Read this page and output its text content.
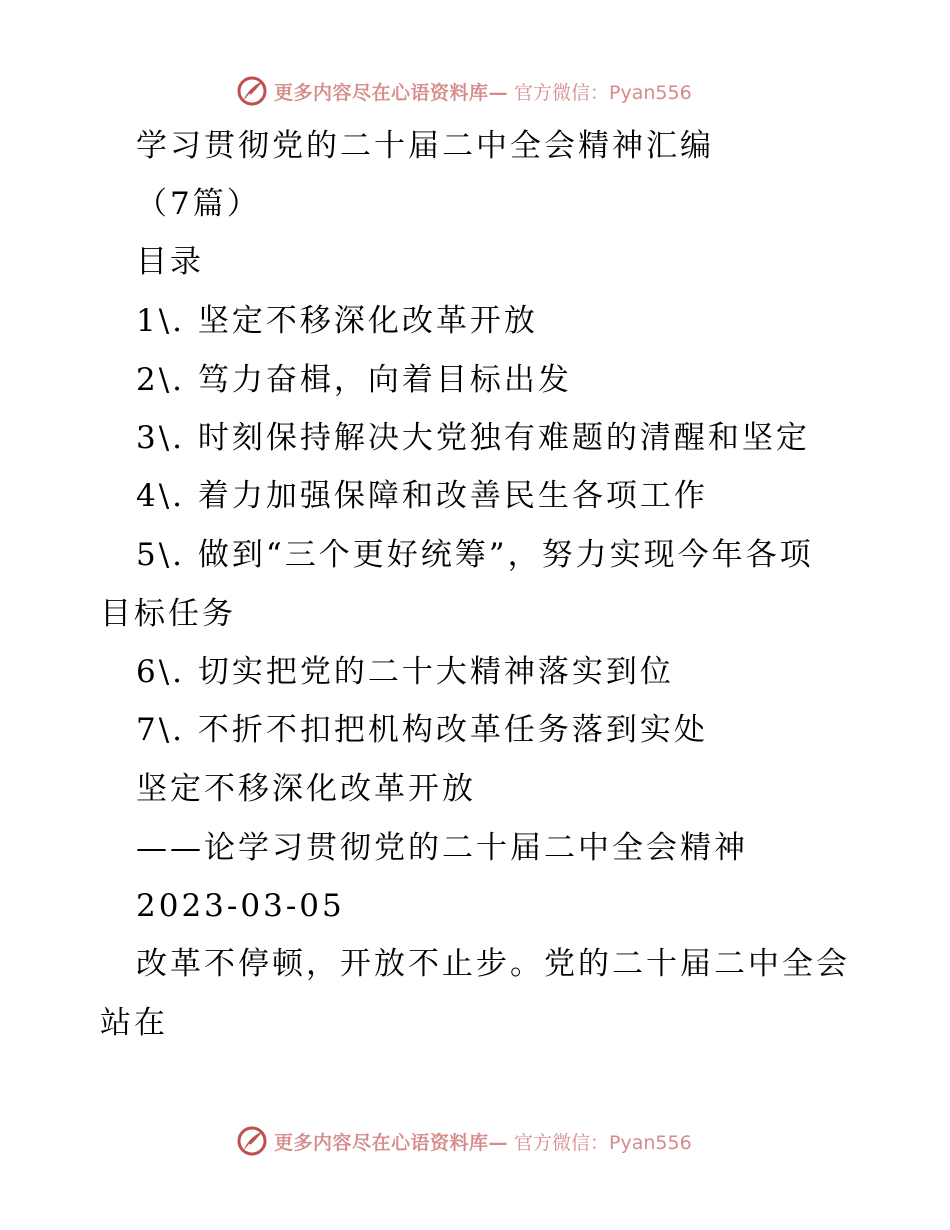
更多内容尽在心语资料库— 官方微信：Pyan556

学习贯彻党的二十届二中全会精神汇编

（7篇）

目录

1\. 坚定不移深化改革开放

2\. 笃力奋楫，向着目标出发

3\. 时刻保持解决大党独有难题的清醒和坚定

4\. 着力加强保障和改善民生各项工作

5\. 做到“三个更好统筹”，努力实现今年各项

目标任务

6\. 切实把党的二十大精神落实到位

7\. 不折不扣把机构改革任务落到实处

坚定不移深化改革开放

——论学习贯彻党的二十届二中全会精神

2023-03-05

改革不停顿，开放不止步。党的二十届二中全会

站在

更多内容尽在心语资料库— 官方微信：Pyan556
